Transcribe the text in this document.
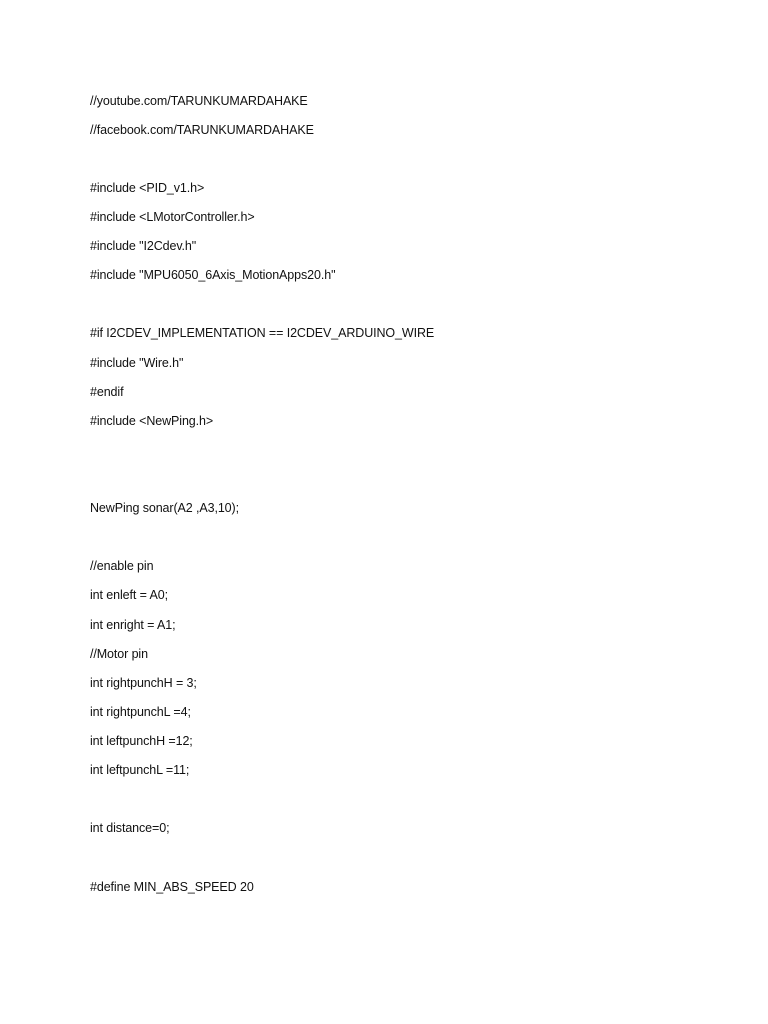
//youtube.com/TARUNKUMARDAHAKE

//facebook.com/TARUNKUMARDAHAKE

#include <PID_v1.h>

#include <LMotorController.h>

#include "I2Cdev.h"

#include "MPU6050_6Axis_MotionApps20.h"

#if I2CDEV_IMPLEMENTATION == I2CDEV_ARDUINO_WIRE

#include "Wire.h"

#endif

#include <NewPing.h>

NewPing sonar(A2 ,A3,10);

//enable pin

int enleft = A0;

int enright = A1;

//Motor pin

int rightpunchH = 3;

int rightpunchL =4;

int leftpunchH =12;

int leftpunchL =11;

int distance=0;

#define MIN_ABS_SPEED 20
